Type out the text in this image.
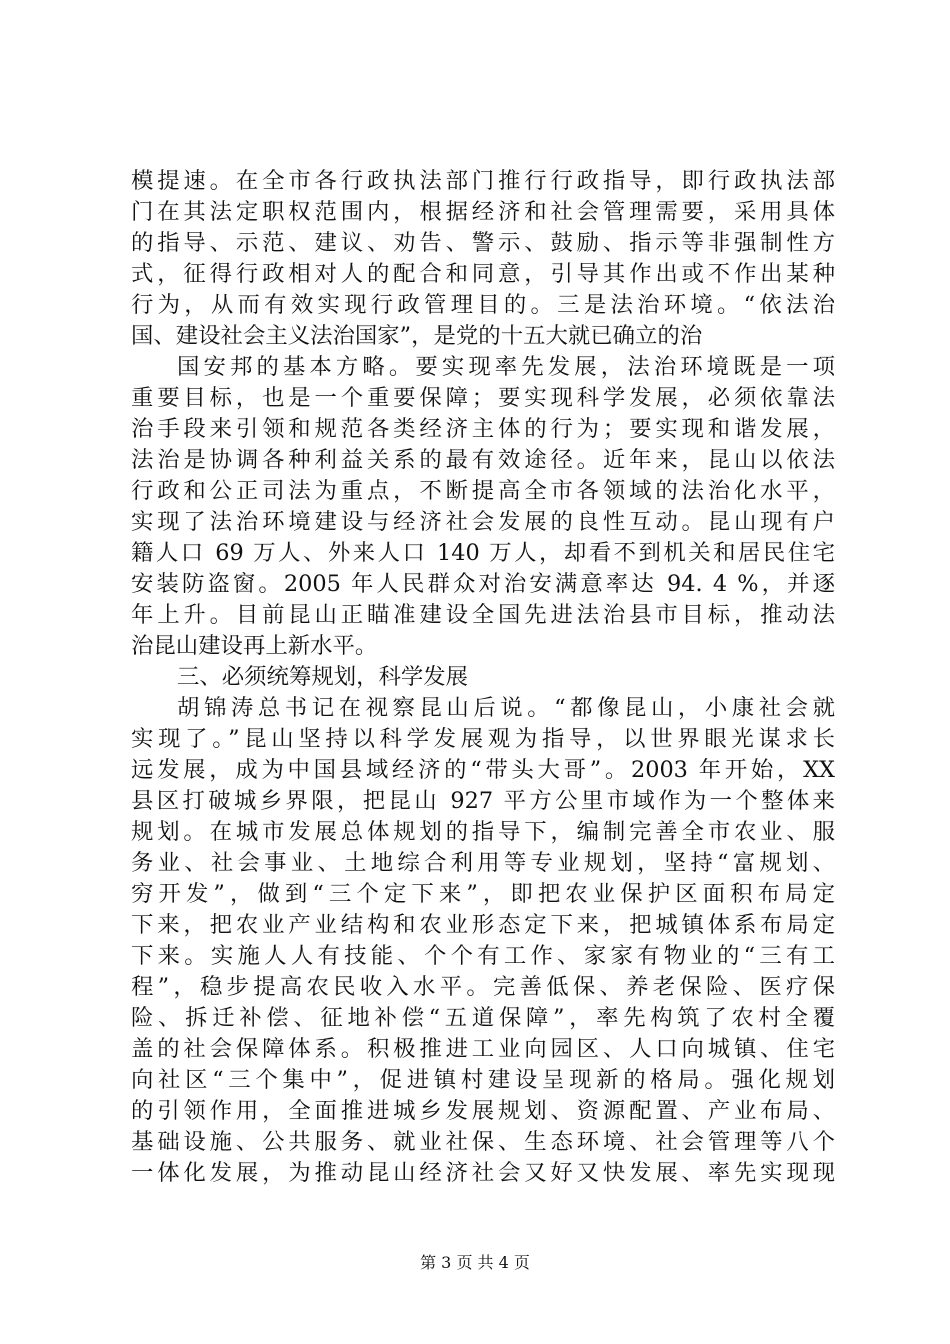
模提速。在全市各行政执法部门推行行政指导，即行政执法部
门在其法定职权范围内，根据经济和社会管理需要，采用具体
的指导、示范、建议、劝告、警示、鼓励、指示等非强制性方
式，征得行政相对人的配合和同意，引导其作出或不作出某种
行为，从而有效实现行政管理目的。三是法治环境。“依法治
国、建设社会主义法治国家”，是党的十五大就已确立的治
国安邦的基本方略。要实现率先发展，法治环境既是一项
重要目标，也是一个重要保障；要实现科学发展，必须依靠法
治手段来引领和规范各类经济主体的行为；要实现和谐发展，
法治是协调各种利益关系的最有效途径。近年来，昆山以依法
行政和公正司法为重点，不断提高全市各领域的法治化水平，
实现了法治环境建设与经济社会发展的良性互动。昆山现有户
籍人口 69 万人、外来人口 140 万人，却看不到机关和居民住宅
安装防盗窗。2005 年人民群众对治安满意率达 94. 4 %，并逐
年上升。目前昆山正瞄准建设全国先进法治县市目标，推动法
治昆山建设再上新水平。
三、必须统筹规划，科学发展
胡锦涛总书记在视察昆山后说。“都像昆山，小康社会就
实现了。”昆山坚持以科学发展观为指导，以世界眼光谋求长
远发展，成为中国县域经济的“带头大哥”。2003 年开始，XX
县区打破城乡界限，把昆山 927 平方公里市域作为一个整体来
规划。在城市发展总体规划的指导下，编制完善全市农业、服
务业、社会事业、土地综合利用等专业规划，坚持“富规划、
穷开发”，做到“三个定下来”，即把农业保护区面积布局定
下来，把农业产业结构和农业形态定下来，把城镇体系布局定
下来。实施人人有技能、个个有工作、家家有物业的“三有工
程”，稳步提高农民收入水平。完善低保、养老保险、医疗保
险、拆迁补偿、征地补偿“五道保障”，率先构筑了农村全覆
盖的社会保障体系。积极推进工业向园区、人口向城镇、住宅
向社区“三个集中”，促进镇村建设呈现新的格局。强化规划
的引领作用，全面推进城乡发展规划、资源配置、产业布局、
基础设施、公共服务、就业社保、生态环境、社会管理等八个
一体化发展，为推动昆山经济社会又好又快发展、率先实现现
第 3 页 共 4 页
